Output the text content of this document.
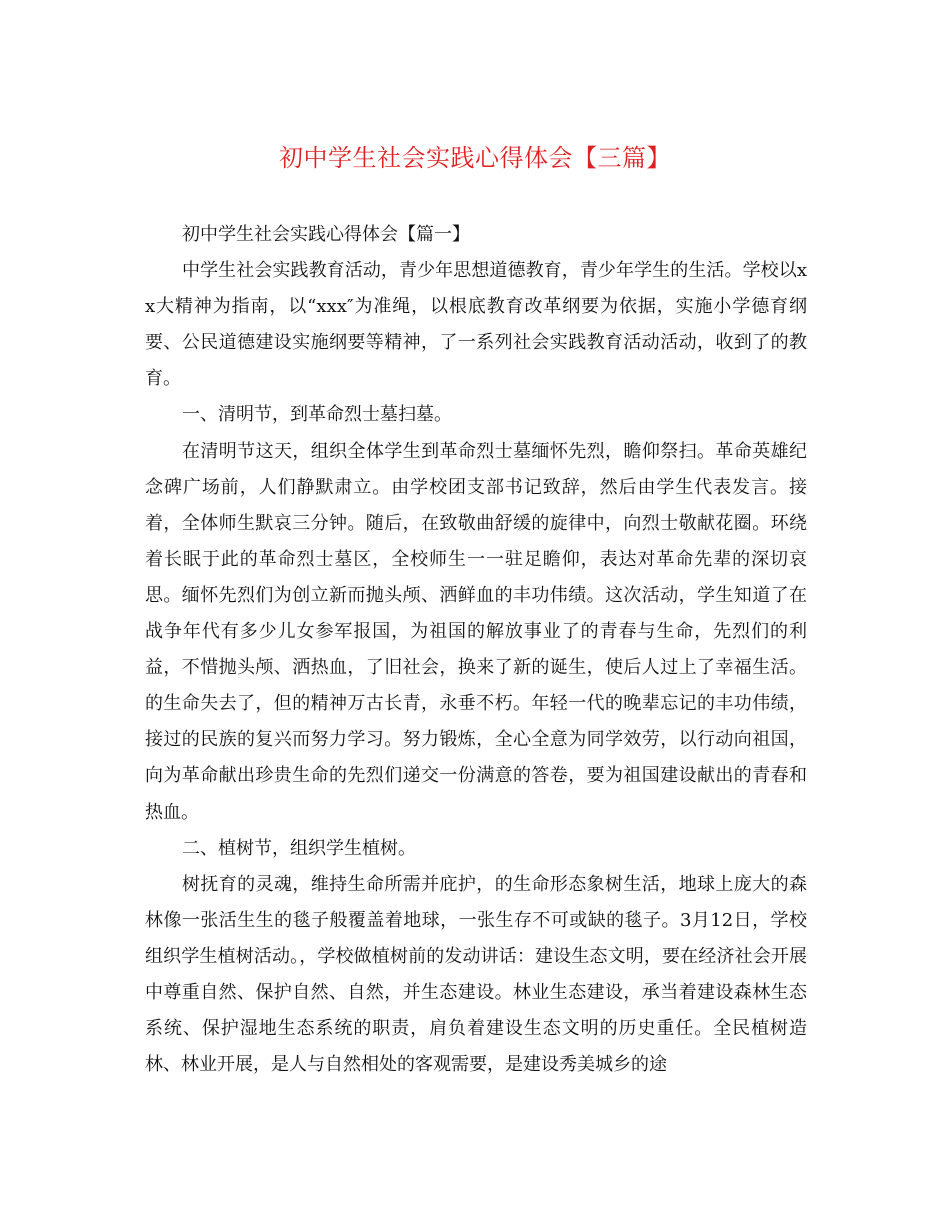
初中学生社会实践心得体会【三篇】

初中学生社会实践心得体会【篇一】

中学生社会实践教育活动，青少年思想道德教育，青少年学生的生活。学校以xx大精神为指南，以“xxx″为准绳，以根底教育改革纲要为依据，实施小学德育纲要、公民道德建设实施纲要等精神，了一系列社会实践教育活动活动，收到了的教育。

一、清明节，到革命烈士墓扫墓。

在清明节这天，组织全体学生到革命烈士墓缅怀先烈，瞻仰祭扫。革命英雄纪念碑广场前，人们静默肃立。由学校团支部书记致辞，然后由学生代表发言。接着，全体师生默哀三分钟。随后，在致敬曲舒缓的旋律中，向烈士敬献花圈。环绕着长眠于此的革命烈士墓区，全校师生一一驻足瞻仰，表达对革命先辈的深切哀思。缅怀先烈们为创立新而抛头颅、洒鲜血的丰功伟绩。这次活动，学生知道了在战争年代有多少儿女参军报国，为祖国的解放事业了的青春与生命，先烈们的利益，不惜抛头颅、洒热血，了旧社会，换来了新的诞生，使后人过上了幸福生活。的生命失去了，但的精神万古长青，永垂不朽。年轻一代的晚辈忘记的丰功伟绩，接过的民族的复兴而努力学习。努力锻炼，全心全意为同学效劳，以行动向祖国，向为革命献出珍贵生命的先烈们递交一份满意的答卷，要为祖国建设献出的青春和热血。

二、植树节，组织学生植树。

树抚育的灵魂，维持生命所需并庇护，的生命形态象树生活，地球上庞大的森林像一张活生生的毯子般覆盖着地球，一张生存不可或缺的毯子。3月12日，学校组织学生植树活动。，学校做植树前的发动讲话：建设生态文明，要在经济社会开展中尊重自然、保护自然、自然，并生态建设。林业生态建设，承当着建设森林生态系统、保护湿地生态系统的职责，肩负着建设生态文明的历史重任。全民植树造林、林业开展，是人与自然相处的客观需要，是建设秀美城乡的途
